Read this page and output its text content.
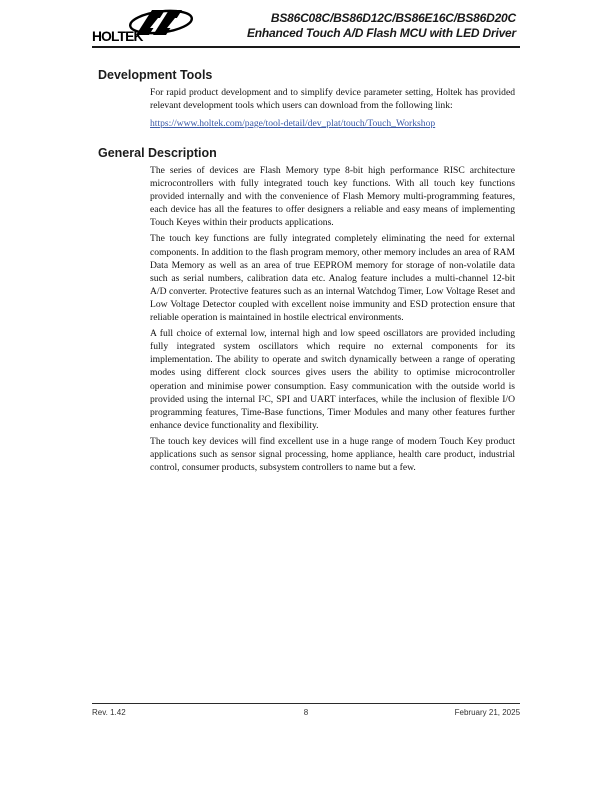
HOLTEK
BS86C08C/BS86D12C/BS86E16C/BS86D20C
Enhanced Touch A/D Flash MCU with LED Driver
Development Tools

For rapid product development and to simplify device parameter setting, Holtek has provided relevant development tools which users can download from the following link:

https://www.holtek.com/page/tool-detail/dev_plat/touch/Touch_Workshop
General Description

The series of devices are Flash Memory type 8-bit high performance RISC architecture microcontrollers with fully integrated touch key functions. With all touch key functions provided internally and with the convenience of Flash Memory multi-programming features, each device has all the features to offer designers a reliable and easy means of implementing Touch Keyes within their products applications.

The touch key functions are fully integrated completely eliminating the need for external components. In addition to the flash program memory, other memory includes an area of RAM Data Memory as well as an area of true EEPROM memory for storage of non-volatile data such as serial numbers, calibration data etc. Analog feature includes a multi-channel 12-bit A/D converter. Protective features such as an internal Watchdog Timer, Low Voltage Reset and Low Voltage Detector coupled with excellent noise immunity and ESD protection ensure that reliable operation is maintained in hostile electrical environments.

A full choice of external low, internal high and low speed oscillators are provided including fully integrated system oscillators which require no external components for its implementation. The ability to operate and switch dynamically between a range of operating modes using different clock sources gives users the ability to optimise microcontroller operation and minimise power consumption. Easy communication with the outside world is provided using the internal I²C, SPI and UART interfaces, while the inclusion of flexible I/O programming features, Time-Base functions, Timer Modules and many other features further enhance device functionality and flexibility.

The touch key devices will find excellent use in a huge range of modern Touch Key product applications such as sensor signal processing, home appliance, health care product, industrial control, consumer products, subsystem controllers to name but a few.

Rev. 1.42	8	February 21, 2025
